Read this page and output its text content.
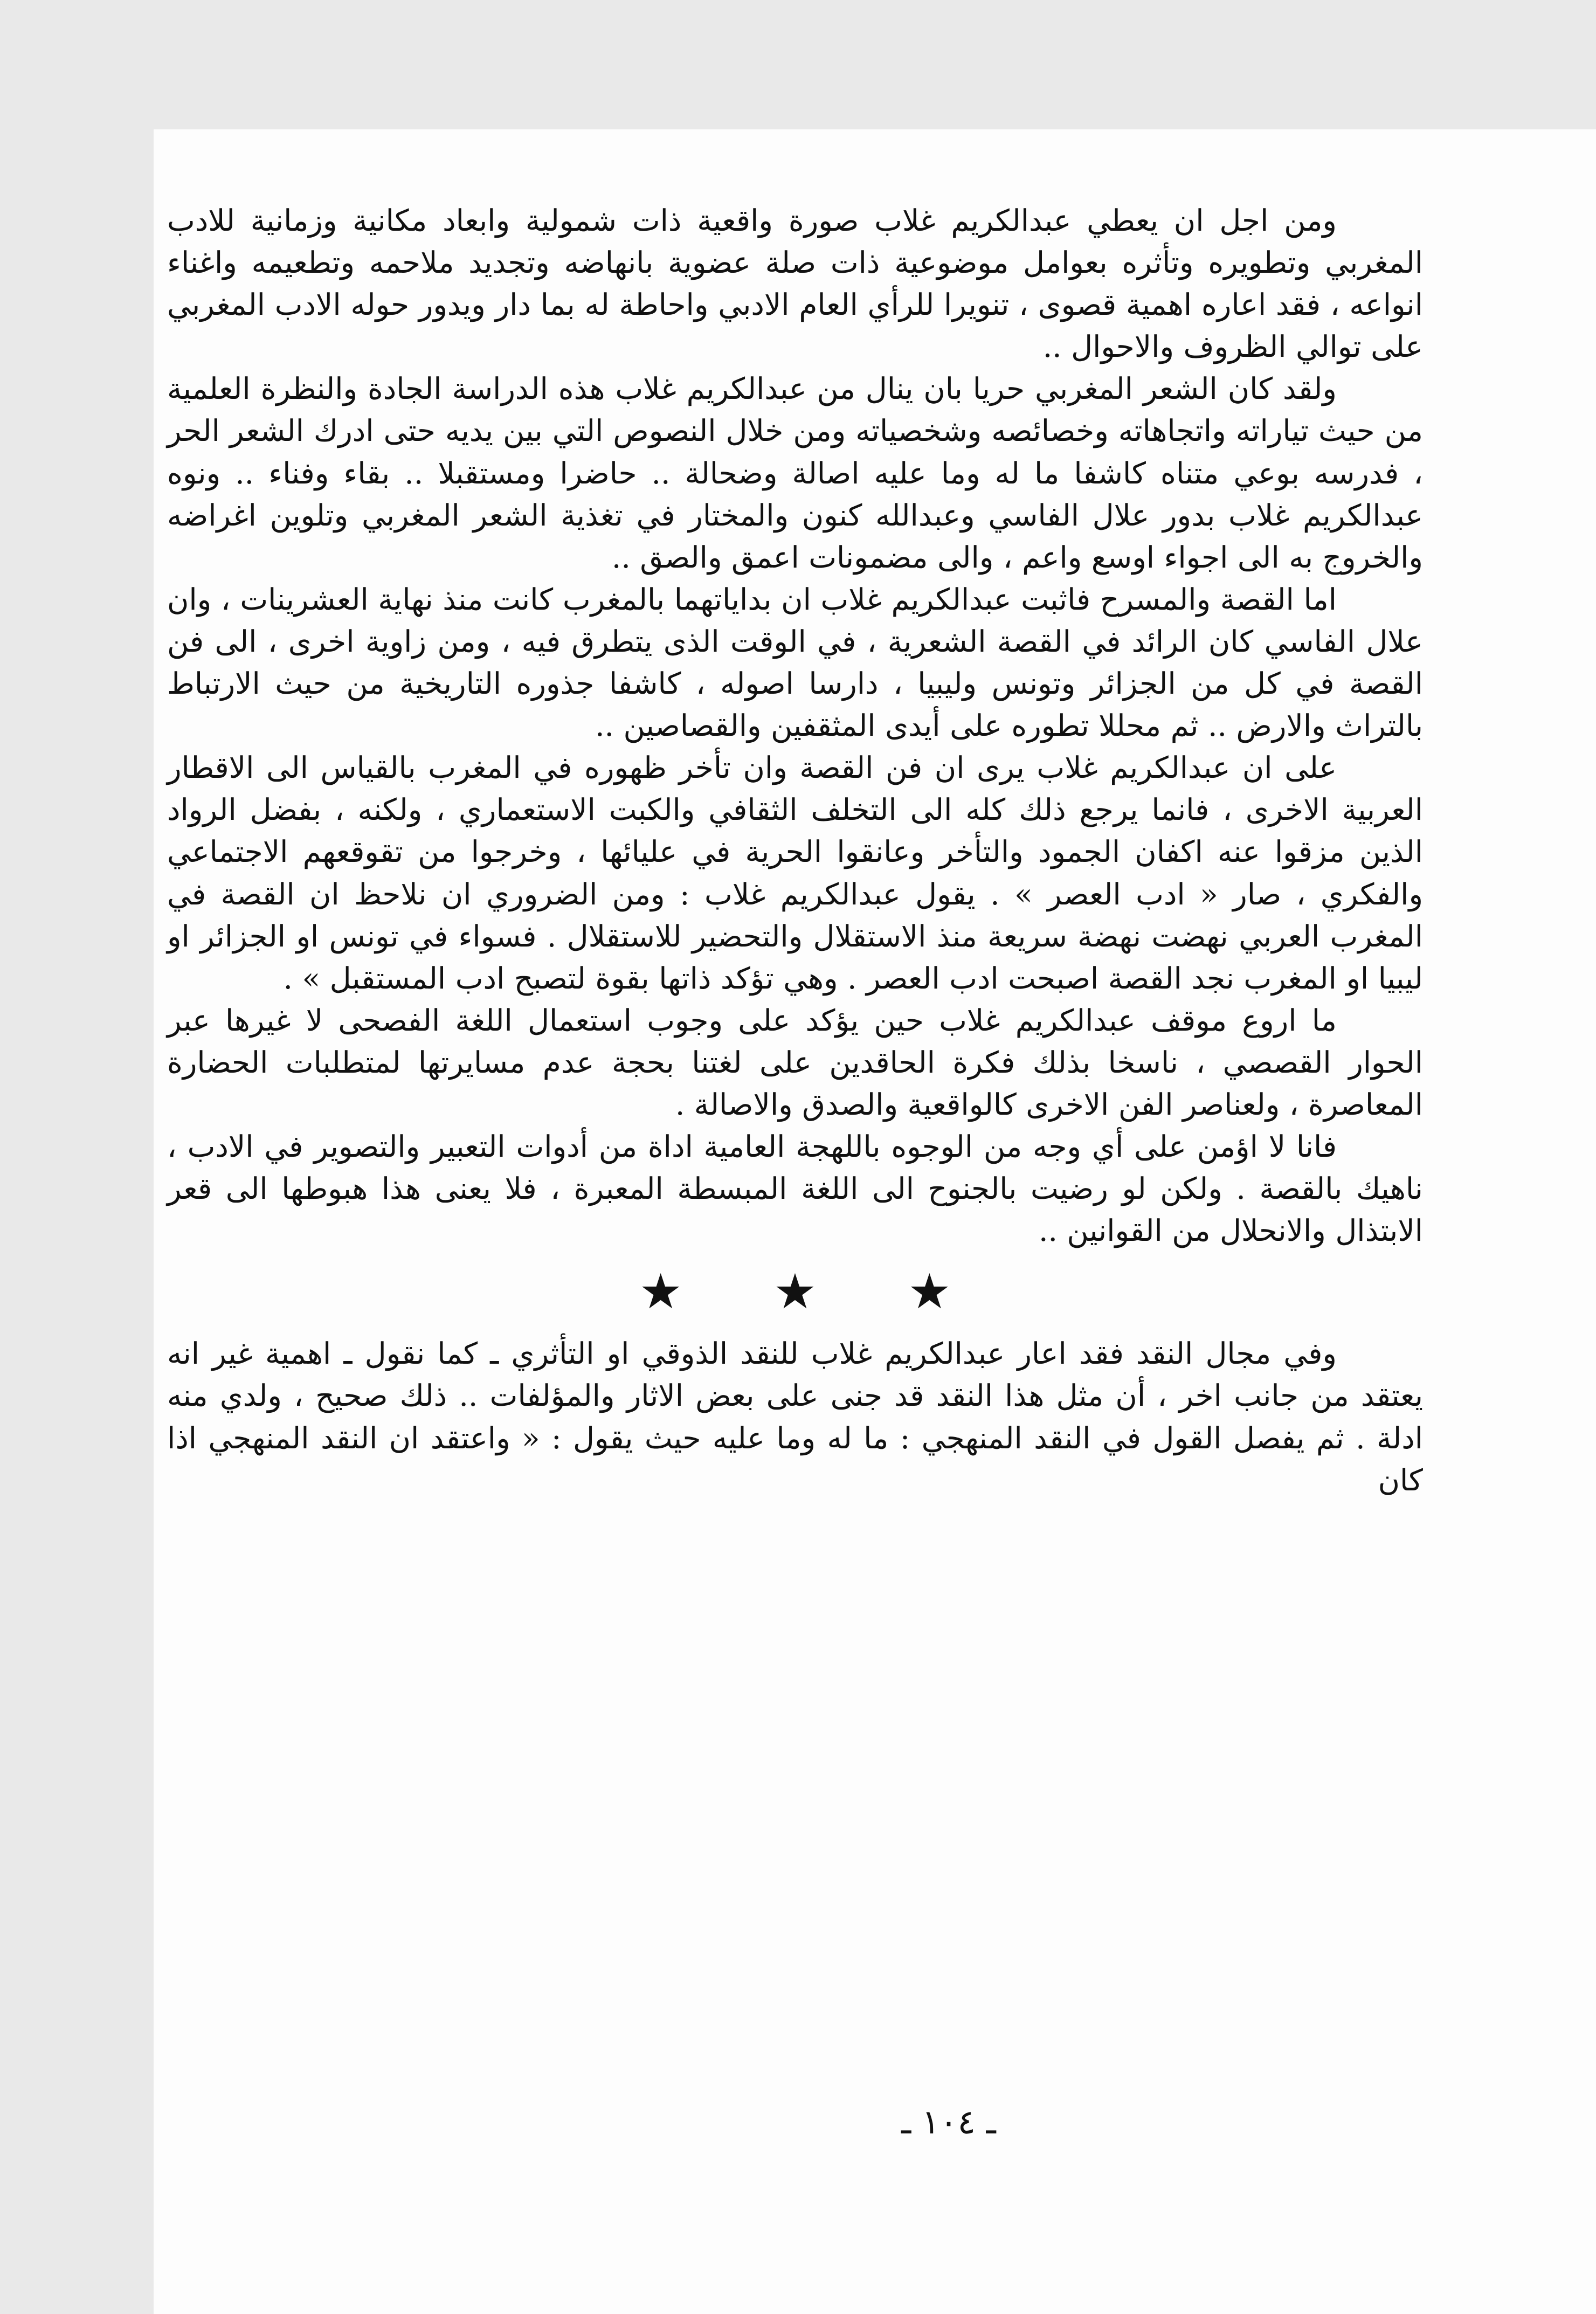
ومن اجل ان يعطي عبدالكريم غلاب صورة واقعية ذات شمولية وابعاد مكانية وزمانية للادب المغربي وتطويره وتأثره بعوامل موضوعية ذات صلة عضوية بانهاضه وتجديد ملاحمه وتطعيمه واغناء انواعه ، فقد اعاره اهمية قصوى ، تنويرا للرأي العام الادبي واحاطة له بما دار ويدور حوله الادب المغربي على توالي الظروف والاحوال ..

ولقد كان الشعر المغربي حريا بان ينال من عبدالكريم غلاب هذه الدراسة الجادة والنظرة العلمية من حيث تياراته واتجاهاته وخصائصه وشخصياته ومن خلال النصوص التي بين يديه حتى ادرك الشعر الحر ، فدرسه بوعي متناه كاشفا ما له وما عليه اصالة وضحالة .. حاضرا ومستقبلا .. بقاء وفناء .. ونوه عبدالكريم غلاب بدور علال الفاسي وعبدالله كنون والمختار في تغذية الشعر المغربي وتلوين اغراضه والخروج به الى اجواء اوسع واعم ، والى مضمونات اعمق والصق ..

اما القصة والمسرح فاثبت عبدالكريم غلاب ان بداياتهما بالمغرب كانت منذ نهاية العشرينات ، وان علال الفاسي كان الرائد في القصة الشعرية ، في الوقت الذى يتطرق فيه ، ومن زاوية اخرى ، الى فن القصة في كل من الجزائر وتونس وليبيا ، دارسا اصوله ، كاشفا جذوره التاريخية من حيث الارتباط بالتراث والارض .. ثم محللا تطوره على أيدى المثقفين والقصاصين ..

على ان عبدالكريم غلاب يرى ان فن القصة وان تأخر ظهوره في المغرب بالقياس الى الاقطار العربية الاخرى ، فانما يرجع ذلك كله الى التخلف الثقافي والكبت الاستعماري ، ولكنه ، بفضل الرواد الذين مزقوا عنه اكفان الجمود والتأخر وعانقوا الحرية في عليائها ، وخرجوا من تقوقعهم الاجتماعي والفكري ، صار « ادب العصر » . يقول عبدالكريم غلاب : ومن الضروري ان نلاحظ ان القصة في المغرب العربي نهضت نهضة سريعة منذ الاستقلال والتحضير للاستقلال . فسواء في تونس او الجزائر او ليبيا او المغرب نجد القصة اصبحت ادب العصر . وهي تؤكد ذاتها بقوة لتصبح ادب المستقبل » .

ما اروع موقف عبدالكريم غلاب حين يؤكد على وجوب استعمال اللغة الفصحى لا غيرها عبر الحوار القصصي ، ناسخا بذلك فكرة الحاقدين على لغتنا بحجة عدم مسايرتها لمتطلبات الحضارة المعاصرة ، ولعناصر الفن الاخرى كالواقعية والصدق والاصالة .

فانا لا اؤمن على أي وجه من الوجوه باللهجة العامية اداة من أدوات التعبير والتصوير في الادب ، ناهيك بالقصة . ولكن لو رضيت بالجنوح الى اللغة المبسطة المعبرة ، فلا يعنى هذا هبوطها الى قعر الابتذال والانحلال من القوانين ..

★ ★ ★

وفي مجال النقد فقد اعار عبدالكريم غلاب للنقد الذوقي او التأثري ـ كما نقول ـ اهمية غير انه يعتقد من جانب اخر ، أن مثل هذا النقد قد جنى على بعض الاثار والمؤلفات .. ذلك صحيح ، ولدي منه ادلة . ثم يفصل القول في النقد المنهجي : ما له وما عليه حيث يقول : « واعتقد ان النقد المنهجي اذا كان

ـ ١٠٤ ـ
